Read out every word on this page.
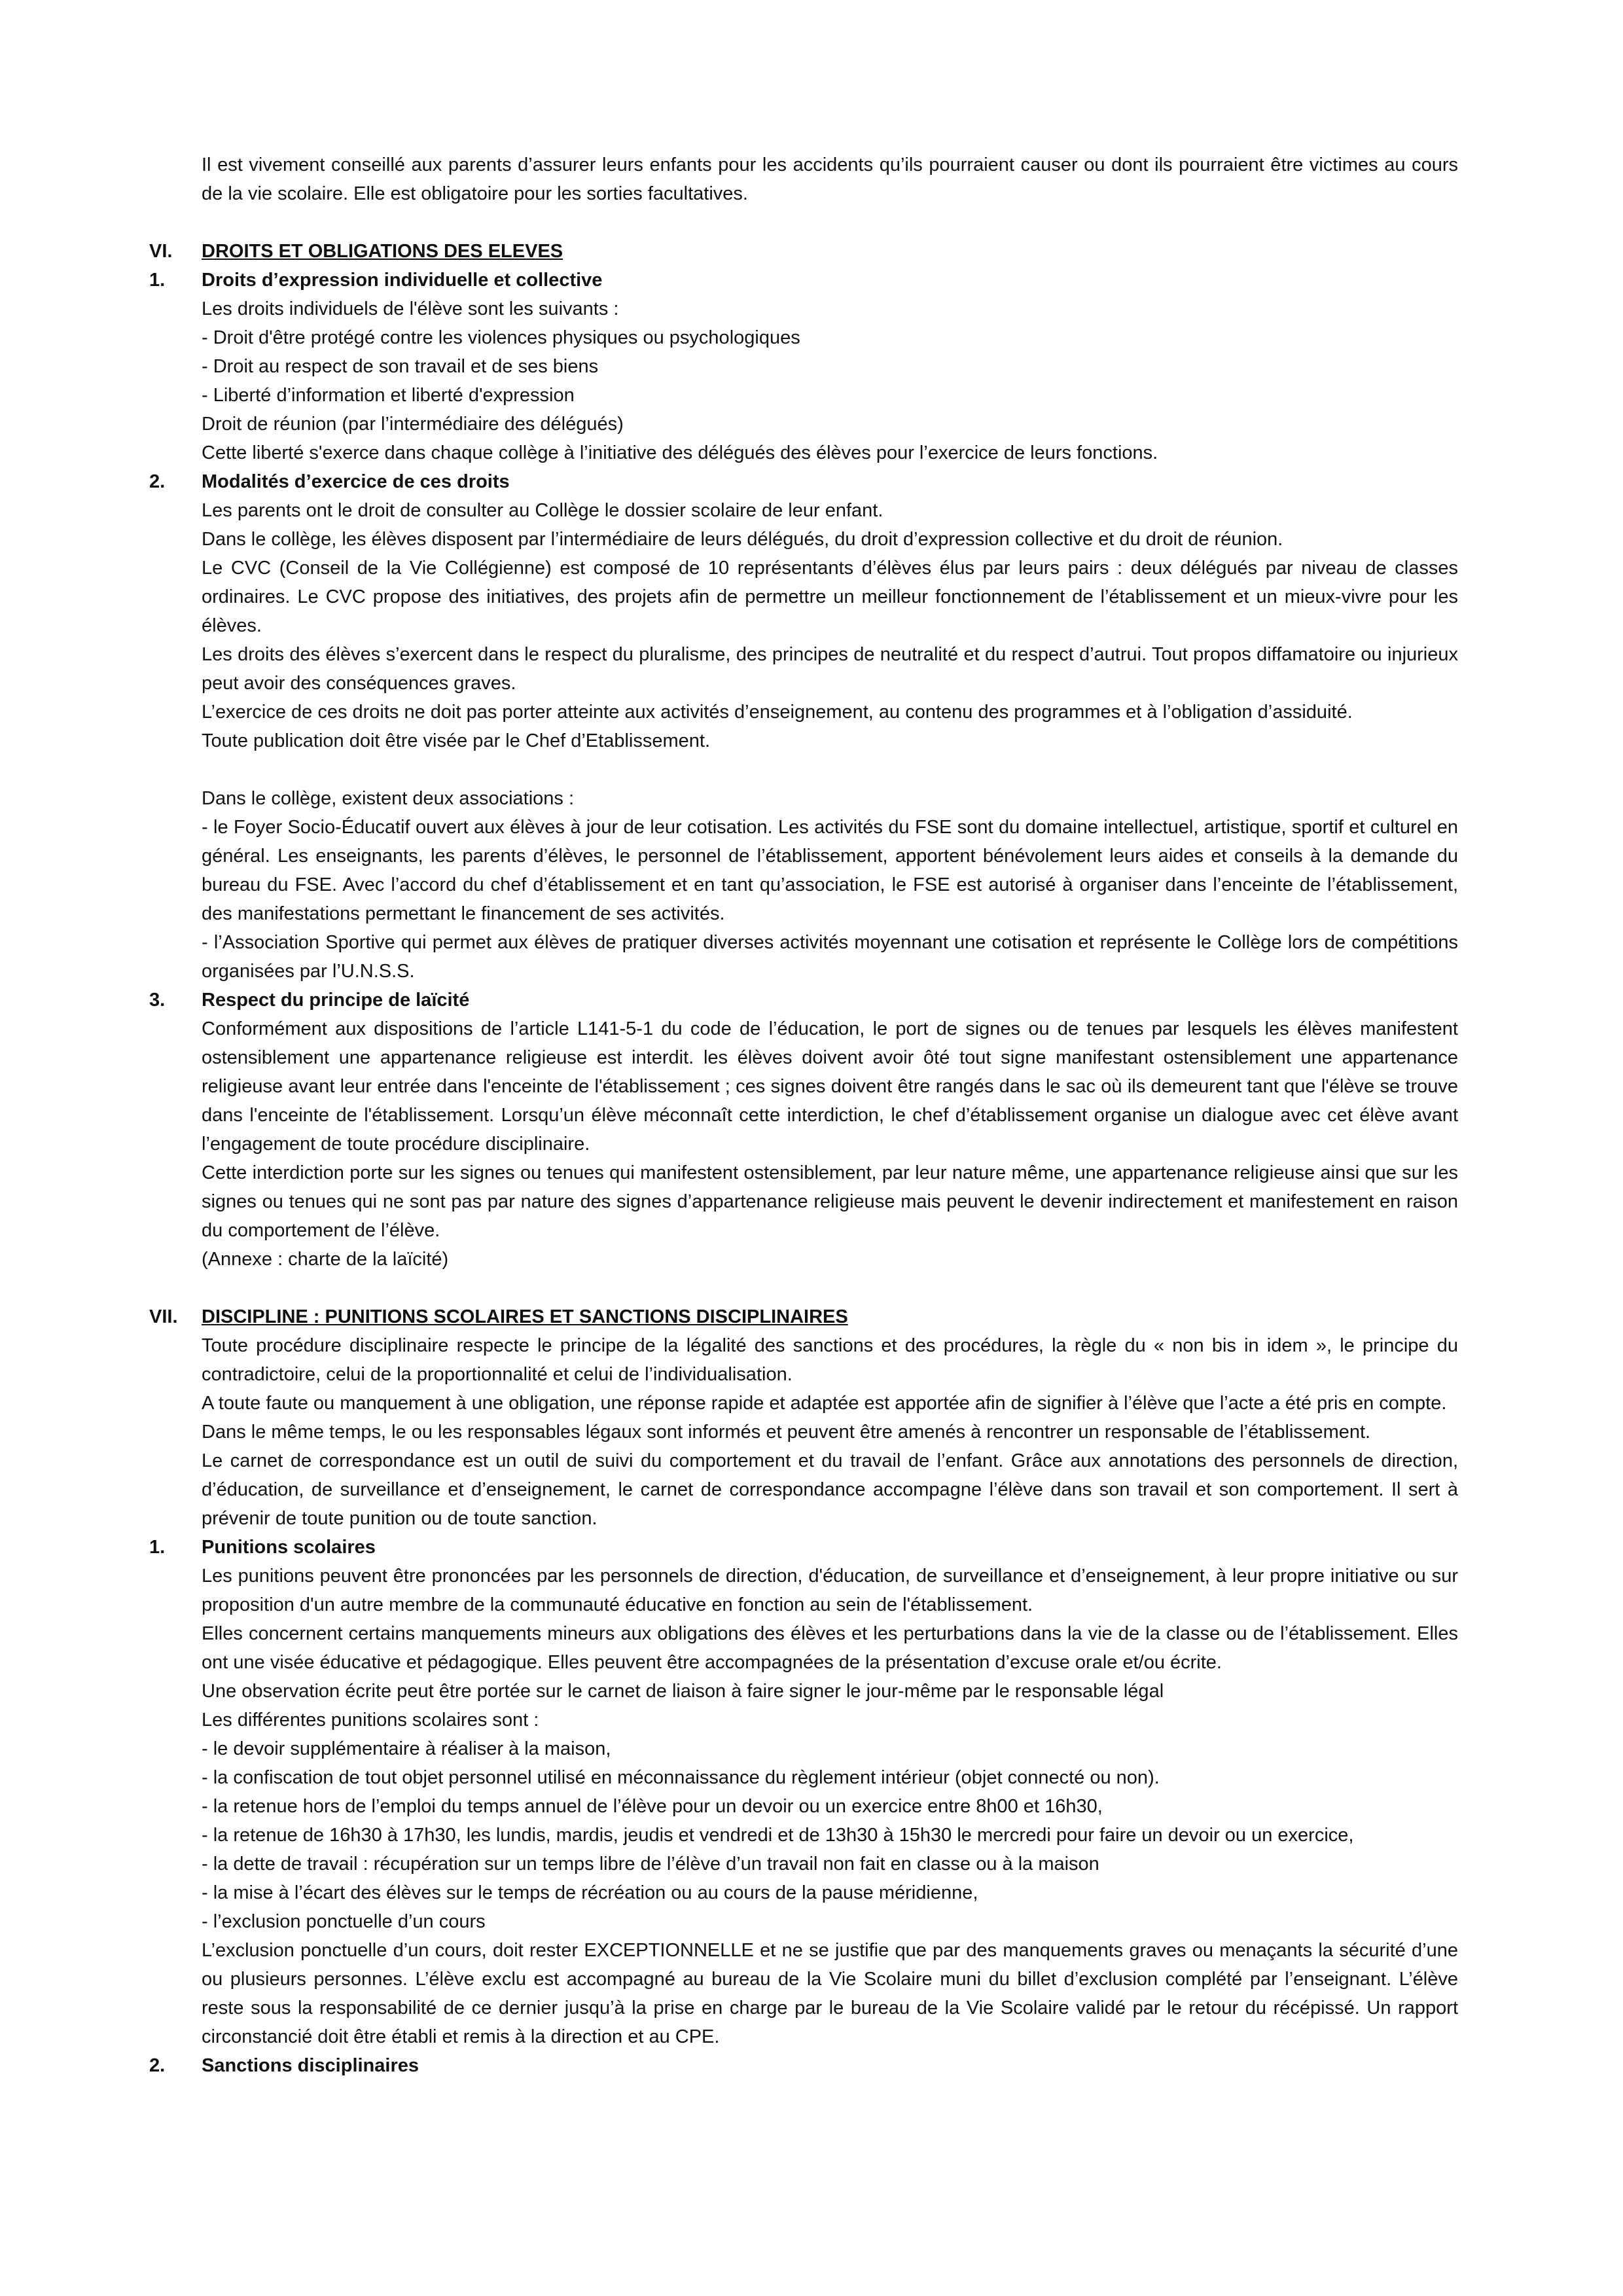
Il est vivement conseillé aux parents d’assurer leurs enfants pour les accidents qu’ils pourraient causer ou dont ils pourraient être victimes au cours de la vie scolaire. Elle est obligatoire pour les sorties facultatives.

VI. DROITS ET OBLIGATIONS DES ELEVES
1. Droits d’expression individuelle et collective

Les droits individuels de l'élève sont les suivants :

- Droit d'être protégé contre les violences physiques ou psychologiques

- Droit au respect de son travail et de ses biens

- Liberté d’information et liberté d'expression

Droit de réunion (par l’intermédiaire des délégués)

Cette liberté s'exerce dans chaque collège à l’initiative des délégués des élèves pour l’exercice de leurs fonctions.

2. Modalités d’exercice de ces droits

Les parents ont le droit de consulter au Collège le dossier scolaire de leur enfant.

Dans le collège, les élèves disposent par l’intermédiaire de leurs délégués, du droit d’expression collective et du droit de réunion.

Le CVC (Conseil de la Vie Collégienne) est composé de 10 représentants d’élèves élus par leurs pairs : deux délégués par niveau de classes ordinaires. Le CVC propose des initiatives, des projets afin de permettre un meilleur fonctionnement de l’établissement et un mieux-vivre pour les élèves.

Les droits des élèves s’exercent dans le respect du pluralisme, des principes de neutralité et du respect d’autrui. Tout propos diffamatoire ou injurieux peut avoir des conséquences graves.

L’exercice de ces droits ne doit pas porter atteinte aux activités d’enseignement, au contenu des programmes et à l’obligation d’assiduité.

Toute publication doit être visée par le Chef d’Etablissement.

Dans le collège, existent deux associations :

- le Foyer Socio-Éducatif ouvert aux élèves à jour de leur cotisation. Les activités du FSE sont du domaine intellectuel, artistique, sportif et culturel en général. Les enseignants, les parents d’élèves, le personnel de l’établissement, apportent bénévolement leurs aides et conseils à la demande du bureau du FSE. Avec l’accord du chef d’établissement et en tant qu’association, le FSE est autorisé à organiser dans l’enceinte de l’établissement, des manifestations permettant le financement de ses activités.

- l’Association Sportive qui permet aux élèves de pratiquer diverses activités moyennant une cotisation et représente le Collège lors de compétitions organisées par l’U.N.S.S.

3. Respect du principe de laïcité

Conformément aux dispositions de l’article L141-5-1 du code de l’éducation, le port de signes ou de tenues par lesquels les élèves manifestent ostensiblement une appartenance religieuse est interdit. les élèves doivent avoir ôté tout signe manifestant ostensiblement une appartenance religieuse avant leur entrée dans l'enceinte de l'établissement ; ces signes doivent être rangés dans le sac où ils demeurent tant que l'élève se trouve dans l'enceinte de l'établissement. Lorsqu’un élève méconnaît cette interdiction, le chef d’établissement organise un dialogue avec cet élève avant l’engagement de toute procédure disciplinaire.

Cette interdiction porte sur les signes ou tenues qui manifestent ostensiblement, par leur nature même, une appartenance religieuse ainsi que sur les signes ou tenues qui ne sont pas par nature des signes d’appartenance religieuse mais peuvent le devenir indirectement et manifestement en raison du comportement de l’élève.

(Annexe : charte de la laïcité)

VII. DISCIPLINE : PUNITIONS SCOLAIRES ET SANCTIONS DISCIPLINAIRES

Toute procédure disciplinaire respecte le principe de la légalité des sanctions et des procédures, la règle du « non bis in idem », le principe du contradictoire, celui de la proportionnalité et celui de l’individualisation.

A toute faute ou manquement à une obligation, une réponse rapide et adaptée est apportée afin de signifier à l’élève que l’acte a été pris en compte.

Dans le même temps, le ou les responsables légaux sont informés et peuvent être amenés à rencontrer un responsable de l’établissement.

Le carnet de correspondance est un outil de suivi du comportement et du travail de l’enfant. Grâce aux annotations des personnels de direction, d’éducation, de surveillance et d’enseignement, le carnet de correspondance accompagne l’élève dans son travail et son comportement. Il sert à prévenir de toute punition ou de toute sanction.

1. Punitions scolaires

Les punitions peuvent être prononcées par les personnels de direction, d'éducation, de surveillance et d’enseignement, à leur propre initiative ou sur proposition d'un autre membre de la communauté éducative en fonction au sein de l'établissement.

Elles concernent certains manquements mineurs aux obligations des élèves et les perturbations dans la vie de la classe ou de l’établissement. Elles ont une visée éducative et pédagogique. Elles peuvent être accompagnées de la présentation d’excuse orale et/ou écrite.

Une observation écrite peut être portée sur le carnet de liaison à faire signer le jour-même par le responsable légal

Les différentes punitions scolaires sont :

- le devoir supplémentaire à réaliser à la maison,

- la confiscation de tout objet personnel utilisé en méconnaissance du règlement intérieur (objet connecté ou non).

- la retenue hors de l’emploi du temps annuel de l’élève pour un devoir ou un exercice entre 8h00 et 16h30,

- la retenue de 16h30 à 17h30, les lundis, mardis, jeudis et vendredi et de 13h30 à 15h30 le mercredi pour faire un devoir ou un exercice,

- la dette de travail : récupération sur un temps libre de l’élève d’un travail non fait en classe ou à la maison

- la mise à l’écart des élèves sur le temps de récréation ou au cours de la pause méridienne,

- l’exclusion ponctuelle d’un cours

L’exclusion ponctuelle d’un cours, doit rester EXCEPTIONNELLE et ne se justifie que par des manquements graves ou menaçants la sécurité d’une ou plusieurs personnes. L’élève exclu est accompagné au bureau de la Vie Scolaire muni du billet d’exclusion complété par l’enseignant. L’élève reste sous la responsabilité de ce dernier jusqu’à la prise en charge par le bureau de la Vie Scolaire validé par le retour du récépissé. Un rapport circonstancié doit être établi et remis à la direction et au CPE.

2. Sanctions disciplinaires
